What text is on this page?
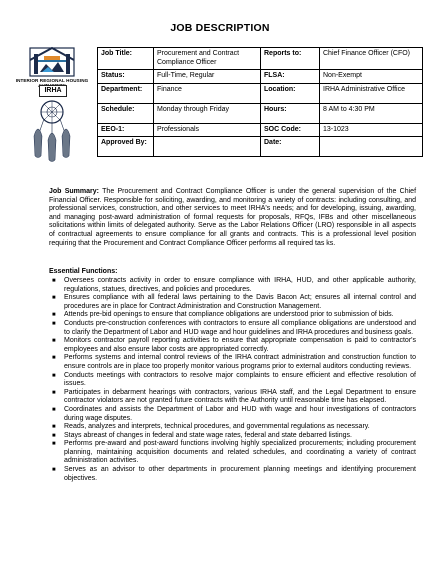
JOB DESCRIPTION
INTERIOR REGIONAL HOUSING
IRHA
Job Title:	Procurement and Contract Compliance Officer	Reports to:	Chief Finance Officer (CFO)
Status:	Full-Time, Regular	FLSA:	Non-Exempt
Department:	Finance	Location:	IRHA Administrative Office
Schedule:	Monday through Friday	Hours:	8 AM to 4:30 PM
EEO-1:	Professionals	SOC Code:	13-1023
Approved By:		Date:	
Job Summary: The Procurement and Contract Compliance Officer is under the general supervision of the Chief Financial Officer. Responsible for soliciting, awarding, and monitoring a variety of contracts: including consulting, and professional services, construction, and other services to meet IRHA's needs; and for developing, issuing, awarding, and managing post-award administration of formal requests for proposals, RFQs, IFBs and other miscellaneous solicitations within limits of delegated authority. Serve as the Labor Relations Officer (LRO) responsible in all aspects of contractual agreements to ensure compliance for all grants and contracts. This is a professional level position requiring that the Procurement and Contract Compliance Officer performs all required tas ks.
Essential Functions:
■ Oversees contracts activity in order to ensure compliance with IRHA, HUD, and other applicable authority, regulations, statues, directives, and policies and procedures.
■ Ensures compliance with all federal laws pertaining to the Davis Bacon Act; ensures all internal control and procedures are in place for Contract Administration and Construction Management.
■ Attends pre-bid openings to ensure that compliance obligations are understood prior to submission of bids.
■ Conducts pre-construction conferences with contractors to ensure all compliance obligations are understood and to clarify the Department of Labor and HUD wage and hour guidelines and IRHA procedures and business goals.
■ Monitors contractor payroll reporting activities to ensure that appropriate compensation is paid to contractor's employees and also ensure labor costs are appropriated correctly.
■ Performs systems and internal control reviews of the IRHA contract administration and construction function to ensure controls are in place too properly monitor various programs prior to external auditors conducting reviews.
■ Conducts meetings with contractors to resolve major complaints to ensure efficient and effective resolution of issues.
■ Participates in debarment hearings with contractors, various IRHA staff, and the Legal Department to ensure contractor violators are not granted future contracts with the Authority until reasonable time has elapsed.
■ Coordinates and assists the Department of Labor and HUD with wage and hour investigations of contractors during wage disputes.
■ Reads, analyzes and interprets, technical procedures, and governmental regulations as necessary.
■ Stays abreast of changes in federal and state wage rates, federal and state debarred listings.
■ Performs pre-award and post-award functions involving highly specialized procurements; including procurement planning, maintaining acquisition documents and related schedules, and coordinating a variety of contract administration activities.
■ Serves as an advisor to other departments in procurement planning meetings and identifying procurement objectives.
